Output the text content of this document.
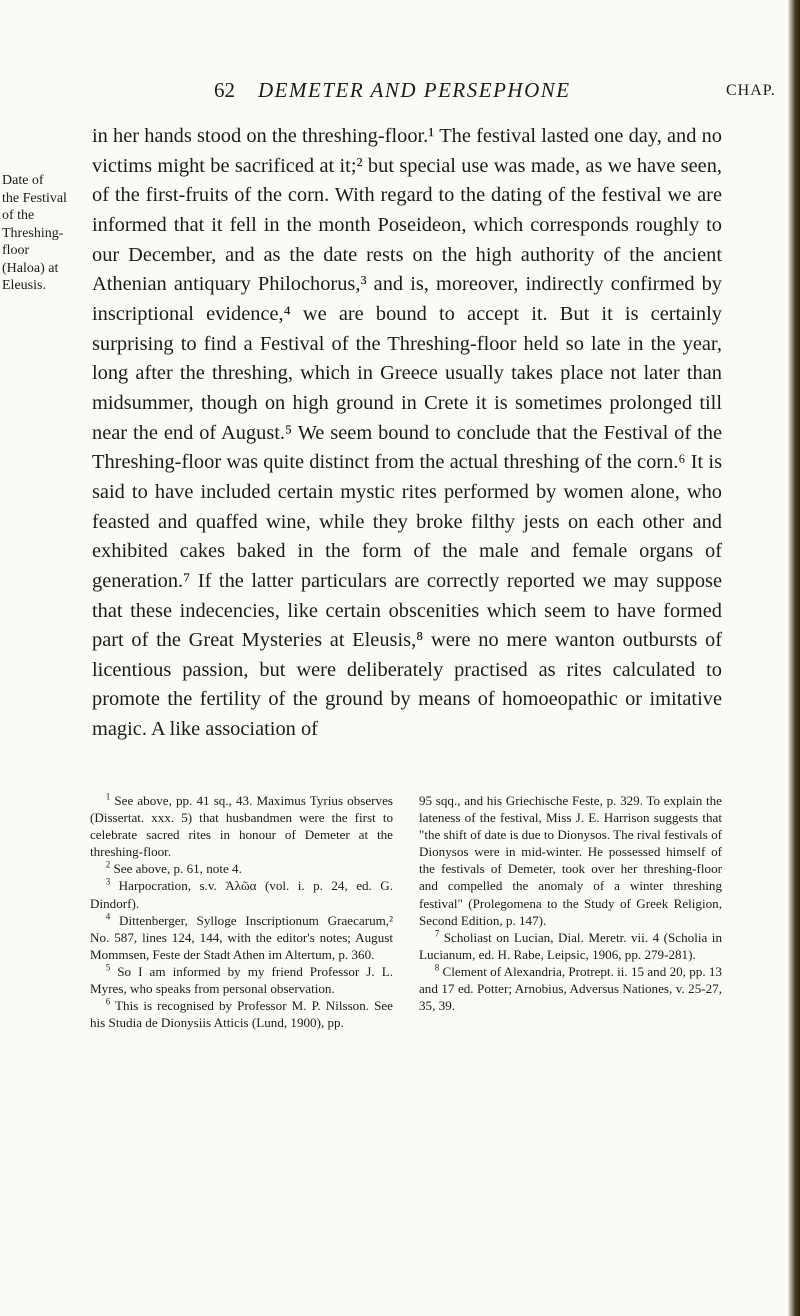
62 DEMETER AND PERSEPHONE	CHAP.
Date of
the Festival
of the
Threshing-
floor
(Haloa) at
Eleusis.

in her hands stood on the threshing-floor.¹ The festival lasted one day, and no victims might be sacrificed at it;² but special use was made, as we have seen, of the first-fruits of the corn. With regard to the dating of the festival we are informed that it fell in the month Poseideon, which corresponds roughly to our December, and as the date rests on the high authority of the ancient Athenian antiquary Philochorus,³ and is, moreover, indirectly confirmed by inscriptional evidence,⁴ we are bound to accept it. But it is certainly surprising to find a Festival of the Threshing-floor held so late in the year, long after the threshing, which in Greece usually takes place not later than midsummer, though on high ground in Crete it is sometimes prolonged till near the end of August.⁵ We seem bound to conclude that the Festival of the Threshing-floor was quite distinct from the actual threshing of the corn.⁶ It is said to have included certain mystic rites performed by women alone, who feasted and quaffed wine, while they broke filthy jests on each other and exhibited cakes baked in the form of the male and female organs of generation.⁷ If the latter particulars are correctly reported we may suppose that these indecencies, like certain obscenities which seem to have formed part of the Great Mysteries at Eleusis,⁸ were no mere wanton outbursts of licentious passion, but were deliberately practised as rites calculated to promote the fertility of the ground by means of homoeopathic or imitative magic. A like association of

$^1$ See above, pp. 41 sq., 43. Maximus Tyrius observes (Dissertat. xxx. 5) that husbandmen were the first to celebrate sacred rites in honour of Demeter at the threshing-floor.

$^2$ See above, p. 61, note 4.

$^3$ Harpocration, s.v. Ἁλῶα (vol. i. p. 24, ed. G. Dindorf).

$^4$ Dittenberger, Sylloge Inscriptionum Graecarum,² No. 587, lines 124, 144, with the editor's notes; August Mommsen, Feste der Stadt Athen im Altertum, p. 360.

$^5$ So I am informed by my friend Professor J. L. Myres, who speaks from personal observation.

$^6$ This is recognised by Professor M. P. Nilsson. See his Studia de Dionysiis Atticis (Lund, 1900), pp.

95 sqq., and his Griechische Feste, p. 329. To explain the lateness of the festival, Miss J. E. Harrison suggests that "the shift of date is due to Dionysos. The rival festivals of Dionysos were in mid-winter. He possessed himself of the festivals of Demeter, took over her threshing-floor and compelled the anomaly of a winter threshing festival" (Prolegomena to the Study of Greek Religion, Second Edition, p. 147).

$^7$ Scholiast on Lucian, Dial. Meretr. vii. 4 (Scholia in Lucianum, ed. H. Rabe, Leipsic, 1906, pp. 279-281).

$^8$ Clement of Alexandria, Protrept. ii. 15 and 20, pp. 13 and 17 ed. Potter; Arnobius, Adversus Nationes, v. 25-27, 35, 39.
